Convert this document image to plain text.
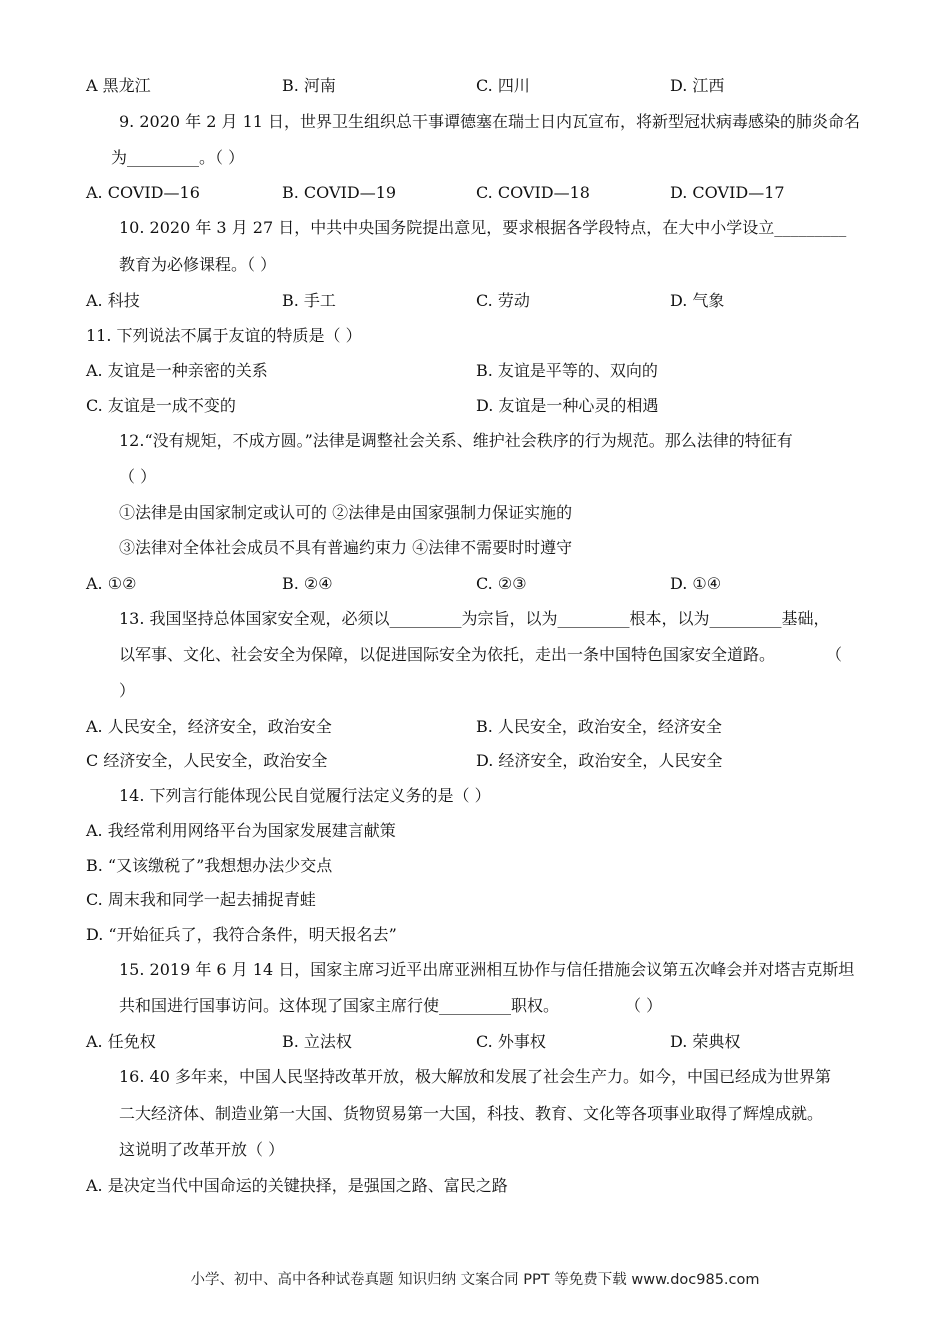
A 黑龙江	B. 河南	C. 四川	D. 江西
9. 2020 年 2 月 11 日，世界卫生组织总干事谭德塞在瑞士日内瓦宣布，将新型冠状病毒感染的肺炎命名
为_________。（ ）
A. COVID—16	B. COVID—19	C. COVID—18	D. COVID—17
10. 2020 年 3 月 27 日，中共中央国务院提出意见，要求根据各学段特点，在大中小学设立_________
教育为必修课程。（ ）
A. 科技	B. 手工	C. 劳动	D. 气象
11. 下列说法不属于友谊的特质是（ ）
A. 友谊是一种亲密的关系	B. 友谊是平等的、双向的
C. 友谊是一成不变的	D. 友谊是一种心灵的相遇
12.“没有规矩，不成方圆。”法律是调整社会关系、维护社会秩序的行为规范。那么法律的特征有
（ ）
①法律是由国家制定或认可的 ②法律是由国家强制力保证实施的
③法律对全体社会成员不具有普遍约束力 ④法律不需要时时遵守
A. ①②	B. ②④	C. ②③	D. ①④
13. 我国坚持总体国家安全观，必须以_________为宗旨，以为_________根本，以为_________基础，
以军事、文化、社会安全为保障，以促进国际安全为依托，走出一条中国特色国家安全道路。	（
）
A. 人民安全，经济安全，政治安全	B. 人民安全，政治安全，经济安全
C 经济安全，人民安全，政治安全	D. 经济安全，政治安全，人民安全
14. 下列言行能体现公民自觉履行法定义务的是（ ）
A. 我经常利用网络平台为国家发展建言献策
B. “又该缴税了”我想想办法少交点
C. 周末我和同学一起去捕捉青蛙
D. “开始征兵了，我符合条件，明天报名去”
15. 2019 年 6 月 14 日，国家主席习近平出席亚洲相互协作与信任措施会议第五次峰会并对塔吉克斯坦
共和国进行国事访问。这体现了国家主席行使_________职权。	（ ）
A. 任免权	B. 立法权	C. 外事权	D. 荣典权
16. 40 多年来，中国人民坚持改革开放，极大解放和发展了社会生产力。如今，中国已经成为世界第
二大经济体、制造业第一大国、货物贸易第一大国，科技、教育、文化等各项事业取得了辉煌成就。
这说明了改革开放（ ）
A. 是决定当代中国命运的关键抉择，是强国之路、富民之路
小学、初中、高中各种试卷真题 知识归纳 文案合同 PPT 等免费下载 www.doc985.com
